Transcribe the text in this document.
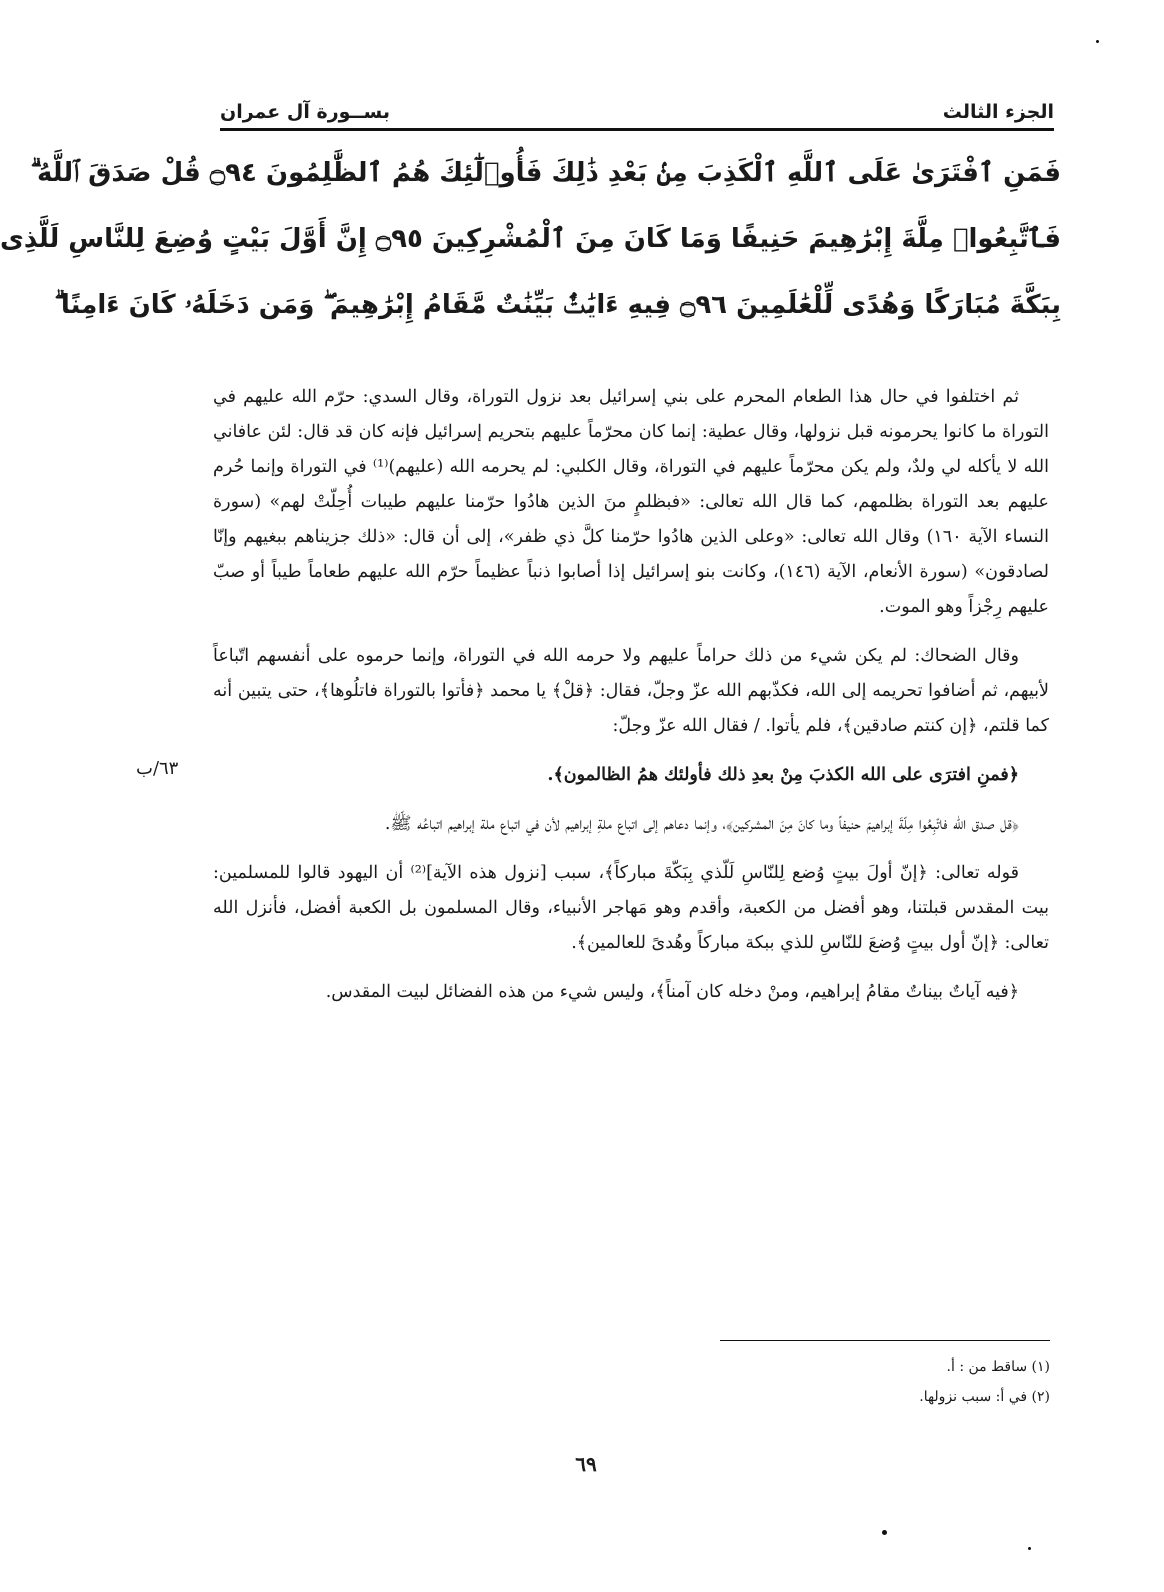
الجزء الثالث
بســورة آل عمران
فَمَنِ ٱفْتَرَىٰ عَلَى ٱللَّهِ ٱلْكَذِبَ مِنۢ بَعْدِ ذَٰلِكَ فَأُو۟لَٰٓئِكَ هُمُ ٱلظَّٰلِمُونَ ۝٩٤ قُلْ صَدَقَ ٱللَّهُ ۗ
فَٱتَّبِعُوا۟ مِلَّةَ إِبْرَٰهِيمَ حَنِيفًا وَمَا كَانَ مِنَ ٱلْمُشْرِكِينَ ۝٩٥ إِنَّ أَوَّلَ بَيْتٍ وُضِعَ لِلنَّاسِ لَلَّذِى
بِبَكَّةَ مُبَارَكًا وَهُدًى لِّلْعَٰلَمِينَ ۝٩٦ فِيهِ ءَايَٰتٌۢ بَيِّنَٰتٌ مَّقَامُ إِبْرَٰهِيمَ ۖ وَمَن دَخَلَهُۥ كَانَ ءَامِنًا ۗ

ثم اختلفوا في حال هذا الطعام المحرم على بني إسرائيل بعد نزول التوراة، وقال السدي: حرّم الله عليهم في التوراة ما كانوا يحرمونه قبل نزولها، وقال عطية: إنما كان محرّماً عليهم بتحريم إسرائيل فإنه كان قد قال: لئن عافاني الله لا يأكله لي ولدٌ، ولم يكن محرّماً عليهم في التوراة، وقال الكلبي: لم يحرمه الله (عليهم)⁽¹⁾ في التوراة وإنما حُرم عليهم بعد التوراة بظلمهم، كما قال الله تعالى: «فبظلمٍ منَ الذين هادُوا حرّمنا عليهم طيبات أُحِلّتْ لهم» (سورة النساء الآية ١٦٠) وقال الله تعالى: «وعلى الذين هادُوا حرّمنا كلَّ ذي ظفر»، إلى أن قال: «ذلك جزيناهم ببغيهم وإنّا لصادقون» (سورة الأنعام، الآية (١٤٦)، وكانت بنو إسرائيل إذا أصابوا ذنباً عظيماً حرّم الله عليهم طعاماً طيباً أو صبّ عليهم رِجْزاً وهو الموت.

وقال الضحاك: لم يكن شيء من ذلك حراماً عليهم ولا حرمه الله في التوراة، وإنما حرموه على أنفسهم اتّباعاً لأبيهم، ثم أضافوا تحريمه إلى الله، فكذّبهم الله عزّ وجلّ، فقال: ﴿قلْ﴾ يا محمد ﴿فأتوا بالتوراة فاتلُوها﴾، حتى يتبين أنه كما قلتم، ﴿إن كنتم صادقين﴾، فلم يأتوا. / فقال الله عزّ وجلّ:

﴿فمنِ افترَى على الله الكذبَ مِنْ بعدِ ذلك فأولئك همُ الظالمون﴾.

﴿قل صدق الله فاتّبِعُوا مِلّةَ إبراهيمَ حنيفاً وما كانَ مِنَ المشركين﴾، وإنما دعاهم إلى اتباع ملةِ إبراهيم لأن في اتباع ملة إبراهيم اتباعُه ﷺ.

قوله تعالى: ﴿إنّ أولَ بيتٍ وُضع لِلنّاسِ لَلّذي بِبَكّةَ مباركاً﴾، سبب [نزول هذه الآية]⁽²⁾ أن اليهود قالوا للمسلمين: بيت المقدس قبلتنا، وهو أفضل من الكعبة، وأقدم وهو مَهاجر الأنبياء، وقال المسلمون بل الكعبة أفضل، فأنزل الله تعالى: ﴿إنّ أول بيتٍ وُضعَ للنّاسِ للذي ببكة مباركاً وهُدىً للعالمين﴾.

﴿فيه آياتٌ بيناتٌ مقامُ إبراهيم، ومنْ دخله كان آمناً﴾، وليس شيء من هذه الفضائل لبيت المقدس.

٦٣/ب
(١) ساقط من : أ.
(٢) في أ: سبب نزولها.
٦٩
